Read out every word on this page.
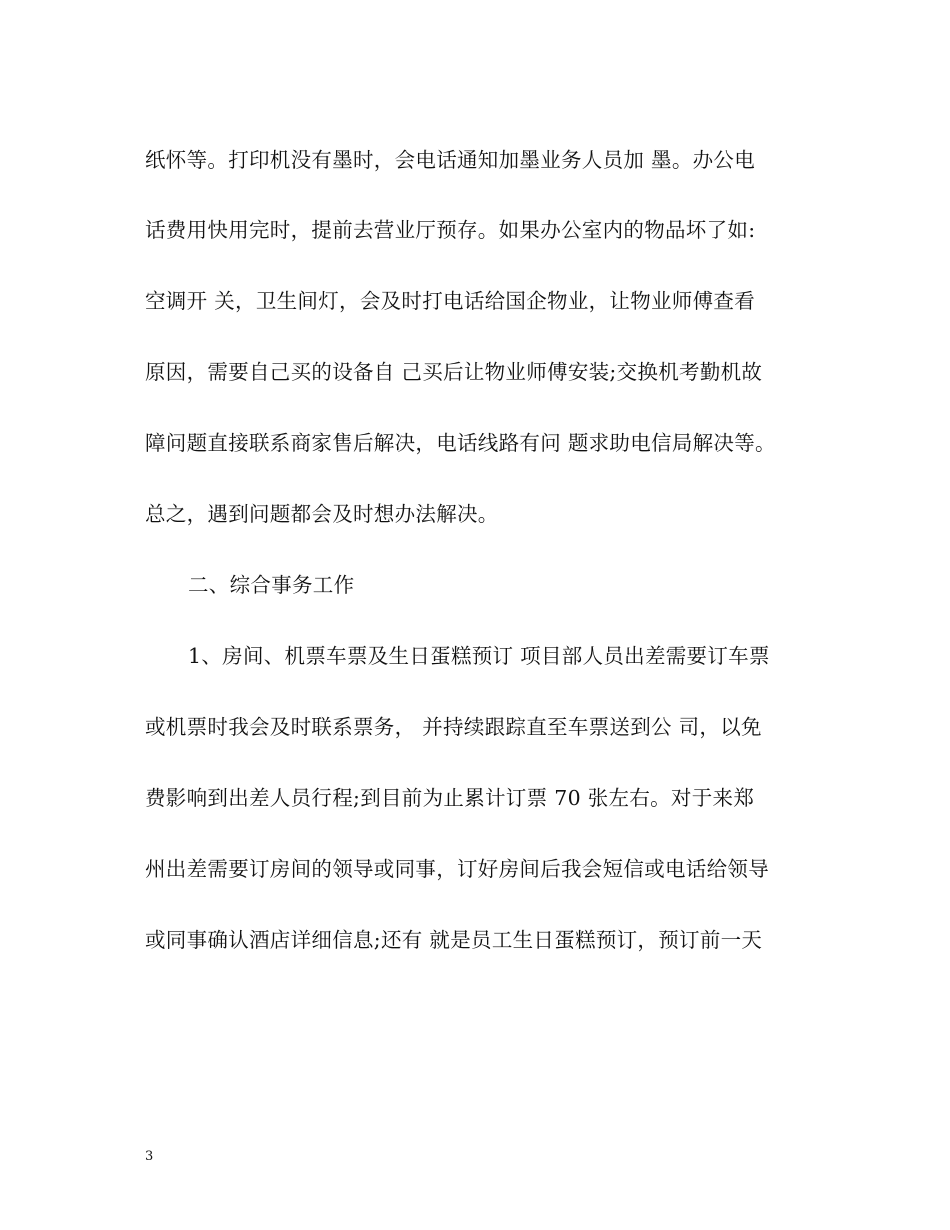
纸怀等。打印机没有墨时，会电话通知加墨业务人员加 墨。办公电
话费用快用完时，提前去营业厅预存。如果办公室内的物品坏了如:
空调开 关，卫生间灯，会及时打电话给国企物业，让物业师傅查看
原因，需要自己买的设备自 己买后让物业师傅安装;交换机考勤机故
障问题直接联系商家售后解决，电话线路有问 题求助电信局解决等。
总之，遇到问题都会及时想办法解决。
二、综合事务工作
1、房间、机票车票及生日蛋糕预订 项目部人员出差需要订车票
或机票时我会及时联系票务， 并持续跟踪直至车票送到公 司，以免
费影响到出差人员行程;到目前为止累计订票 70 张左右。对于来郑
州出差需要订房间的领导或同事，订好房间后我会短信或电话给领导
或同事确认酒店详细信息;还有 就是员工生日蛋糕预订，预订前一天
3
